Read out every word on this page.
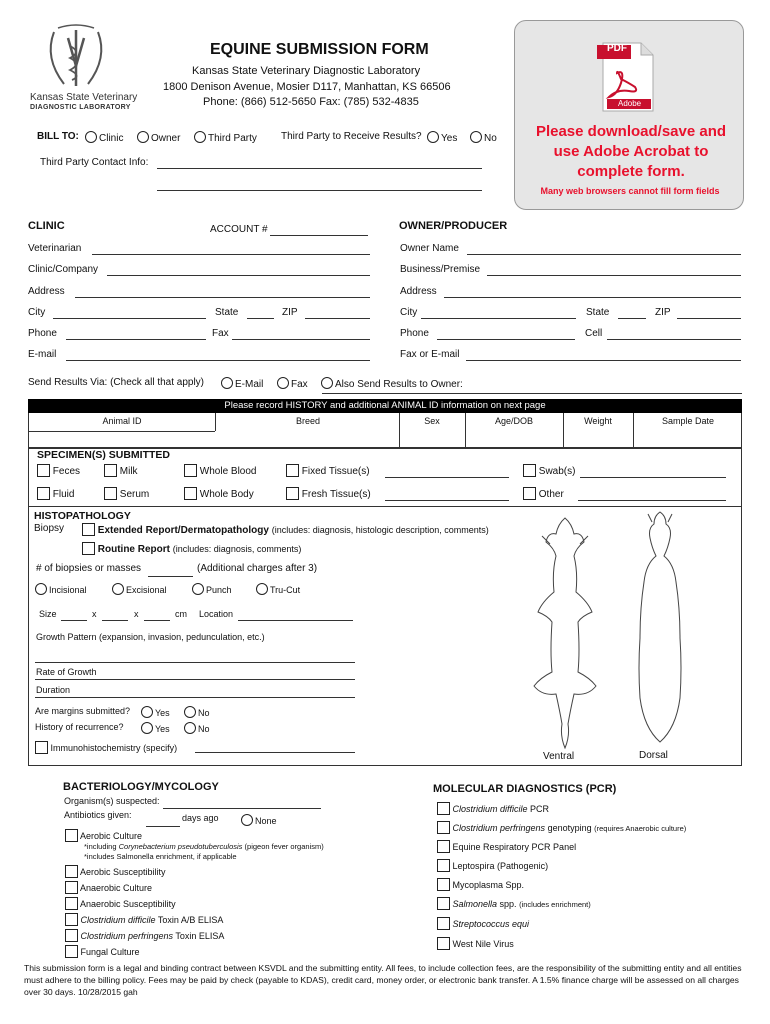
Kansas State Veterinary
DIAGNOSTIC LABORATORY
EQUINE SUBMISSION FORM
Kansas State Veterinary Diagnostic Laboratory
1800 Denison Avenue, Mosier D117, Manhattan, KS 66506
Phone: (866) 512-5650 Fax: (785) 532-4835
PDF
Adobe
Please download/save and use Adobe Acrobat to complete form.
Many web browsers cannot fill form fields
BILL TO:	Clinic	Owner	Third Party Third Party to Receive Results?	Yes	No
Third Party Contact Info:
CLINIC	ACCOUNT #
Veterinarian
Clinic/Company
Address
City	State	ZIP
Phone	Fax
E-mail
OWNER/PRODUCER
Owner Name
Business/Premise
Address
City	State	ZIP
Phone	Cell
Fax or E-mail
Send Results Via: (Check all that apply)	E-Mail	Fax	Also Send Results to Owner:
Please record HISTORY and additional ANIMAL ID information on next page
Animal ID	Breed	Sex	Age/DOB	Weight	Sample Date
SPECIMEN(S) SUBMITTED
Feces	Milk	Whole Blood	Fixed Tissue(s)	Swab(s)
Fluid	Serum	Whole Body	Fresh Tissue(s)	Other
HISTOPATHOLOGY
Biopsy	Extended Report/Dermatopathology (includes: diagnosis, histologic description, comments)
Routine Report (includes: diagnosis, comments)
# of biopsies or masses	(Additional charges after 3)
Incisional	Excisional	Punch	Tru-Cut
Size	x	x	cm Location
Growth Pattern (expansion, invasion, pedunculation, etc.)
Rate of Growth
Duration
Are margins submitted?	Yes	No
History of recurrence?	Yes	No
Immunohistochemistry (specify)
Ventral	Dorsal
BACTERIOLOGY/MYCOLOGY
Organism(s) suspected:
Antibiotics given:	days ago	None
Aerobic Culture
*including Corynebacterium pseudotuberculosis (pigeon fever organism)
*includes Salmonella enrichment, if applicable
Aerobic Susceptibility
Anaerobic Culture
Anaerobic Susceptibility
Clostridium difficile Toxin A/B ELISA
Clostridium perfringens Toxin ELISA
Fungal Culture
MOLECULAR DIAGNOSTICS (PCR)
Clostridium difficile PCR
Clostridium perfringens genotyping (requires Anaerobic culture)
Equine Respiratory PCR Panel
Leptospira (Pathogenic)
Mycoplasma Spp.
Salmonella spp. (includes enrichment)
Streptococcus equi
West Nile Virus
This submission form is a legal and binding contract between KSVDL and the submitting entity. All fees, to include collection fees, are the responsibility of the submitting entity and all entities must adhere to the billing policy. Fees may be paid by check (payable to KDAS), credit card, money order, or electronic bank transfer. A 1.5% finance charge will be assessed on all charges over 30 days. 10/28/2015 gah
